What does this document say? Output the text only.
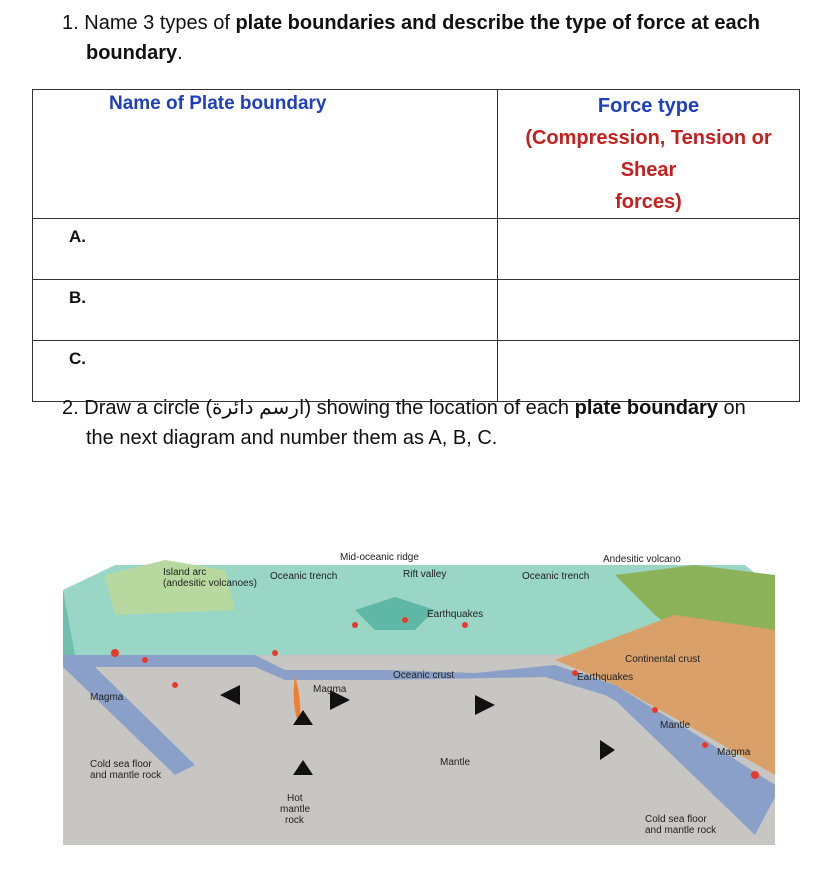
1. Name 3 types of plate boundaries and describe the type of force at each
boundary.
Name of Plate boundary	Force type
(Compression, Tension or Shear
forces)
A.	
B.	
C.	
2. Draw a circle (ارسم دائرة) showing the location of each plate boundary on
the next diagram and number them as A, B, C.
Island arc
(andesitic volcanoes)
Oceanic trench
Mid-oceanic ridge
Rift valley	Oceanic trench
Andesitic volcano
Earthquakes
Continental crust
Earthquakes
Oceanic crust
Magma
Magma
Mantle
Magma
Mantle
Cold sea floor
and mantle rock
Hot
mantle
rock	Cold sea floor
and mantle rock
